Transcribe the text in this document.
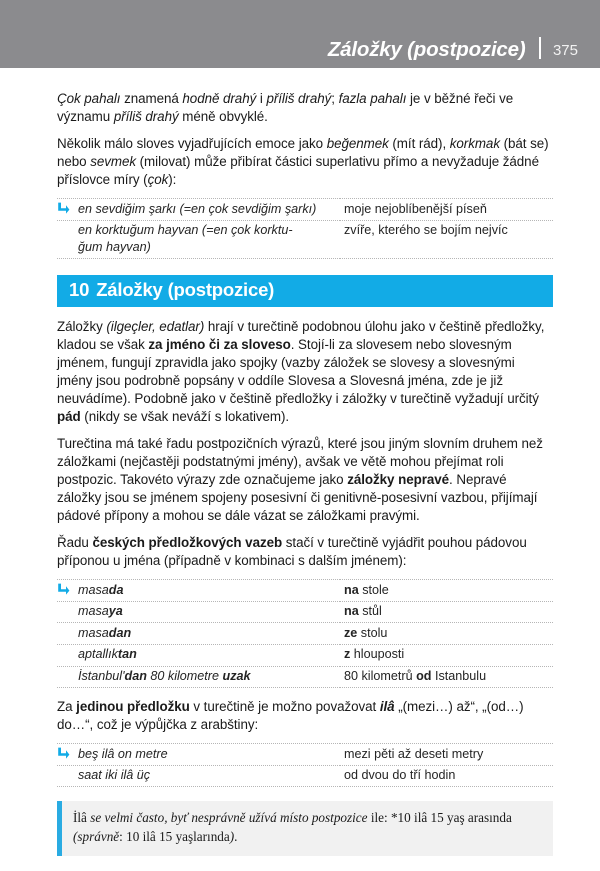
Záložky (postpozice) 375

Çok pahalı znamená hodně drahý i příliš drahý; fazla pahalı je v běžné řeči ve významu příliš drahý méně obvyklé.

Několik málo sloves vyjadřujících emoce jako beğenmek (mít rád), korkmak (bát se) nebo sevmek (milovat) může přibírat částici superlativu přímo a nevyžaduje žádné příslovce míry (çok):

en sevdiğim şarkı (=en çok sevdiğim şarkı)	moje nejoblíbenější píseň
en korktuğum hayvan (=en çok korktu-
ğum hayvan)	zvíře, kterého se bojím nejvíc
10 Záložky (postpozice)

Záložky (ilgeçler, edatlar) hrají v turečtině podobnou úlohu jako v češtině předložky, kladou se však za jméno či za sloveso. Stojí-li za slovesem nebo slovesným jménem, fungují zpravidla jako spojky (vazby záložek se slovesy a slovesnými jmény jsou podrobně popsány v oddíle Slovesa a Slovesná jména, zde je již neuvádíme). Podobně jako v češtině předložky i záložky v turečtině vyžadují určitý pád (nikdy se však neváží s lokativem).

Turečtina má také řadu postpozičních výrazů, které jsou jiným slovním druhem než záložkami (nejčastěji podstatnými jmény), avšak ve větě mohou přejímat roli postpozic. Takovéto výrazy zde označujeme jako záložky nepravé. Nepravé záložky jsou se jménem spojeny posesivní či genitivně-posesivní vazbou, přijímají pádové přípony a mohou se dále vázat se záložkami pravými.

Řadu českých předložkových vazeb stačí v turečtině vyjádřit pouhou pádovou příponou u jména (případně v kombinaci s dalším jménem):

masada	na stole
masaya	na stůl
masadan	ze stolu
aptallıktan	z hlouposti
İstanbul'dan 80 kilometre uzak	80 kilometrů od Istanbulu

Za jedinou předložku v turečtině je možno považovat ilâ „(mezi…) až“, „(od…) do…“, což je výpůjčka z arabštiny:

beş ilâ on metre	mezi pěti až deseti metry
saat iki ilâ üç	od dvou do tří hodin
İlâ se velmi často, byť nesprávně užívá místo postpozice ile: *10 ilâ 15 yaş arasında (správně: 10 ilâ 15 yaşlarında).
